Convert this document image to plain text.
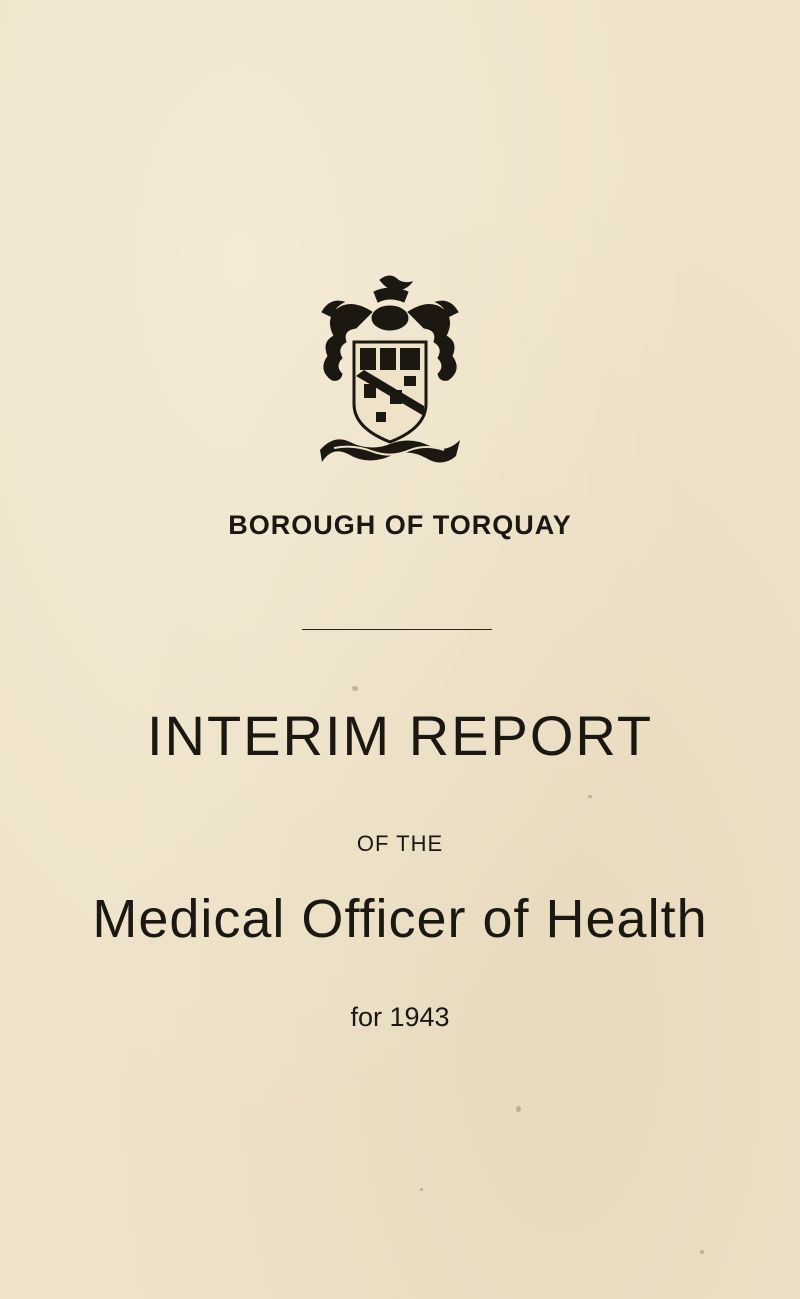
BOROUGH OF TORQUAY
INTERIM REPORT
OF THE
Medical Officer of Health
for 1943
